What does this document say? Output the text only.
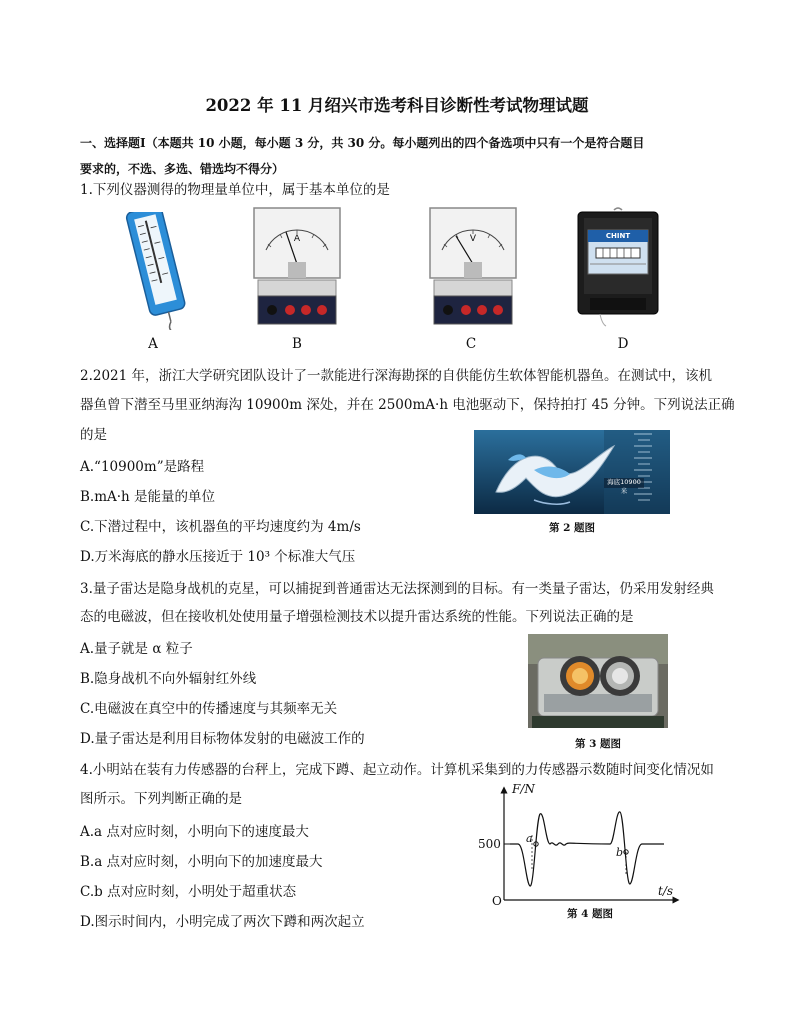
2022 年 11 月绍兴市选考科目诊断性考试物理试题
一、选择题Ⅰ（本题共 10 小题，每小题 3 分，共 30 分。每小题列出的四个备选项中只有一个是符合题目
要求的，不选、多选、错选均不得分）
1.下列仪器测得的物理量单位中，属于基本单位的是
A	V	CHINT
A	B	C	D
2.2021 年，浙江大学研究团队设计了一款能进行深海勘探的自供能仿生软体智能机器鱼。在测试中，该机
器鱼曾下潜至马里亚纳海沟 10900m 深处，并在 2500mA·h 电池驱动下，保持拍打 45 分钟。下列说法正确
的是
A.“10900m”是路程
B.mA·h 是能量的单位
C.下潜过程中，该机器鱼的平均速度约为 4m/s
D.万米海底的静水压接近于 10³ 个标准大气压
海底10900米
第 2 题图
3.量子雷达是隐身战机的克星，可以捕捉到普通雷达无法探测到的目标。有一类量子雷达，仍采用发射经典
态的电磁波，但在接收机处使用量子增强检测技术以提升雷达系统的性能。下列说法正确的是
A.量子就是 α 粒子
B.隐身战机不向外辐射红外线
C.电磁波在真空中的传播速度与其频率无关
D.量子雷达是利用目标物体发射的电磁波工作的	第 3 题图
4.小明站在装有力传感器的台秤上，完成下蹲、起立动作。计算机采集到的力传感器示数随时间变化情况如
图所示。下列判断正确的是
A.a 点对应时刻，小明向下的速度最大
B.a 点对应时刻，小明向下的加速度最大
C.b 点对应时刻，小明处于超重状态
D.图示时间内，小明完成了两次下蹲和两次起立
F/N
t/s
500
O
a
b
第 4 题图
